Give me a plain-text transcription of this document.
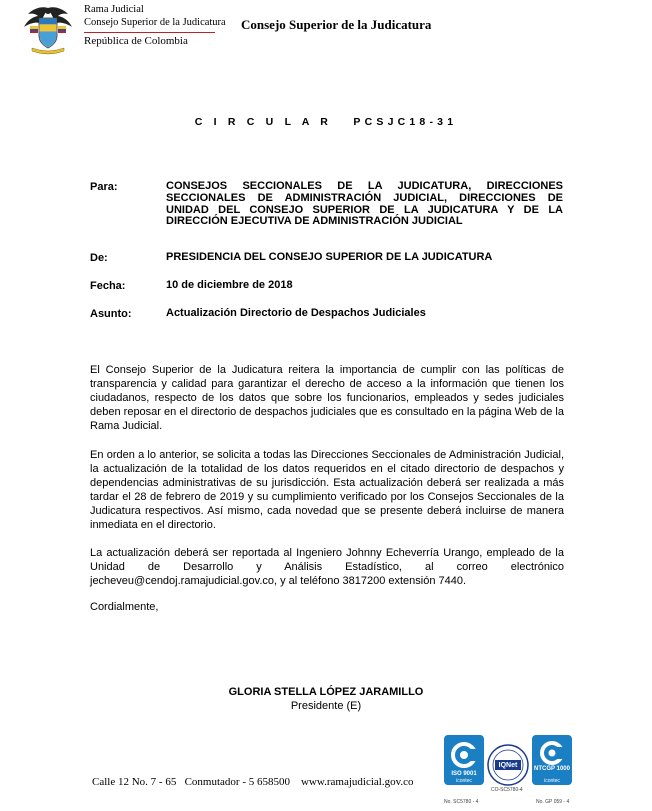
Rama Judicial
Consejo Superior de la Judicatura
República de Colombia
Consejo Superior de la Judicatura
C I R C U L A R   PCSJC18-31
Para:	CONSEJOS SECCIONALES DE LA JUDICATURA, DIRECCIONES
SECCIONALES DE ADMINISTRACIÓN JUDICIAL, DIRECCIONES DE
UNIDAD DEL CONSEJO SUPERIOR DE LA JUDICATURA Y DE LA
DIRECCIÓN EJECUTIVA DE ADMINISTRACIÓN JUDICIAL
De:	PRESIDENCIA DEL CONSEJO SUPERIOR DE LA JUDICATURA
Fecha:	10 de diciembre de 2018
Asunto:	Actualización Directorio de Despachos Judiciales
El Consejo Superior de la Judicatura reitera la importancia de cumplir con las políticas de transparencia y calidad para garantizar el derecho de acceso a la información que tienen los ciudadanos, respecto de los datos que sobre los funcionarios, empleados y sedes judiciales deben reposar en el directorio de despachos judiciales que es consultado en la página Web de la Rama Judicial.
En orden a lo anterior, se solicita a todas las Direcciones Seccionales de Administración Judicial, la actualización de la totalidad de los datos requeridos en el citado directorio de despachos y dependencias administrativas de su jurisdicción. Esta actualización deberá ser realizada a más tardar el 28 de febrero de 2019 y su cumplimiento verificado por los Consejos Seccionales de la Judicatura respectivos. Así mismo, cada novedad que se presente deberá incluirse de manera inmediata en el directorio.
La actualización deberá ser reportada al Ingeniero Johnny Echeverría Urango, empleado de la Unidad de Desarrollo y Análisis Estadístico, al correo electrónico jecheveu@cendoj.ramajudicial.gov.co, y al teléfono 3817200 extensión 7440.
Cordialmente,
GLORIA STELLA LÓPEZ JARAMILLO
Presidente (E)
Calle 12 No. 7 - 65   Conmutador - 5 658500    www.ramajudicial.gov.co
ISO 9001
icontec
No. SC5780 - 4
IQNet
CO-SC5780-4
NTCGP 1000
icontec
No. GP 059 - 4
